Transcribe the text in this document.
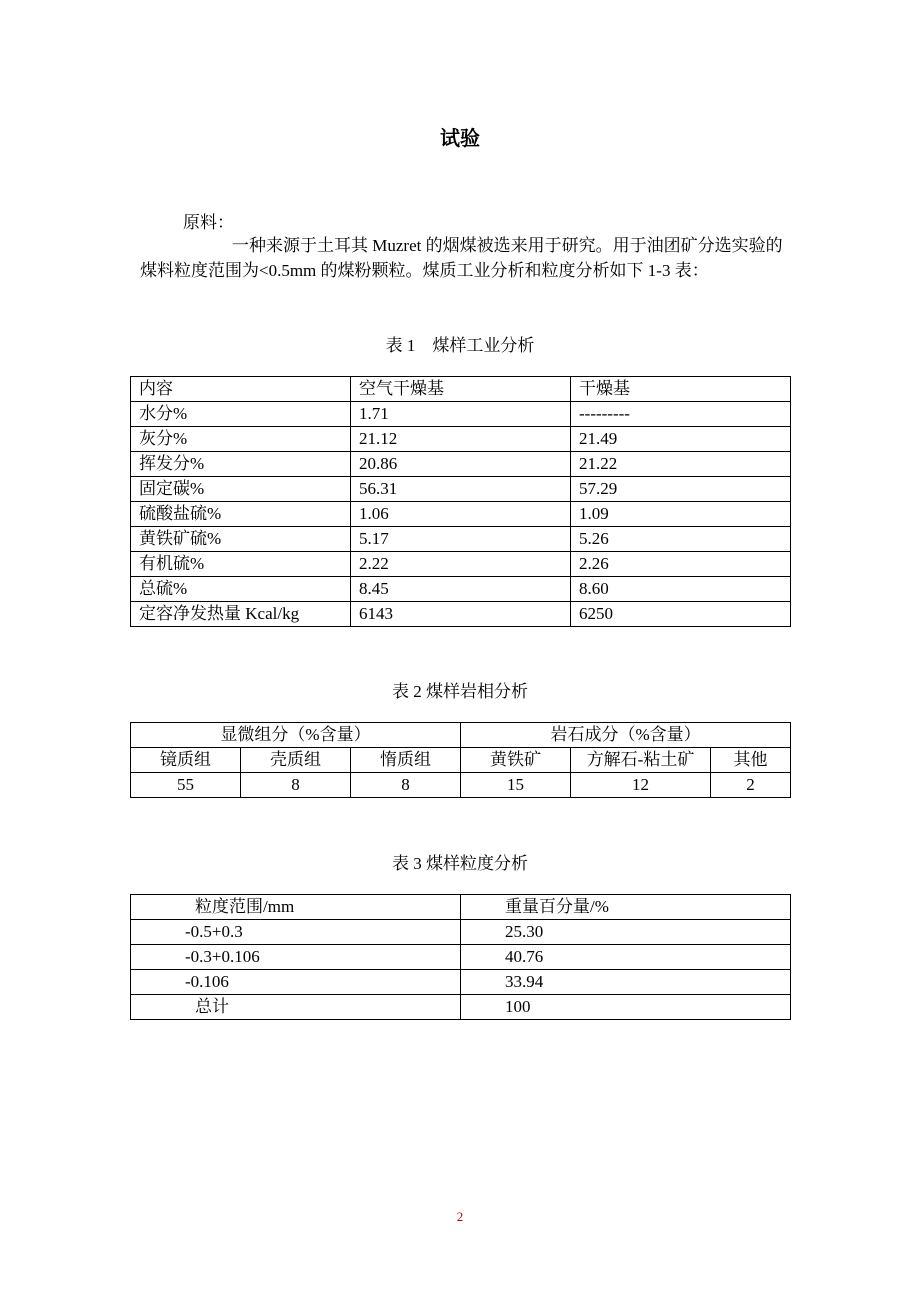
试验
原料：
一种来源于土耳其 Muzret 的烟煤被选来用于研究。用于油团矿分选实验的煤料粒度范围为<0.5mm 的煤粉颗粒。煤质工业分析和粒度分析如下 1-3 表：
表 1　煤样工业分析
内容	空气干燥基	干燥基
水分%	1.71	---------
灰分%	21.12	21.49
挥发分%	20.86	21.22
固定碳%	56.31	57.29
硫酸盐硫%	1.06	1.09
黄铁矿硫%	5.17	5.26
有机硫%	2.22	2.26
总硫%	8.45	8.60
定容净发热量 Kcal/kg	6143	6250
表 2 煤样岩相分析
显微组分（%含量）			岩石成分（%含量）		
镜质组	壳质组	惰质组	黄铁矿	方解石-粘土矿	其他
55	8	8	15	12	2
表 3 煤样粒度分析
粒度范围/mm	重量百分量/%
-0.5+0.3	25.30
-0.3+0.106	40.76
-0.106	33.94
总计	100
2
